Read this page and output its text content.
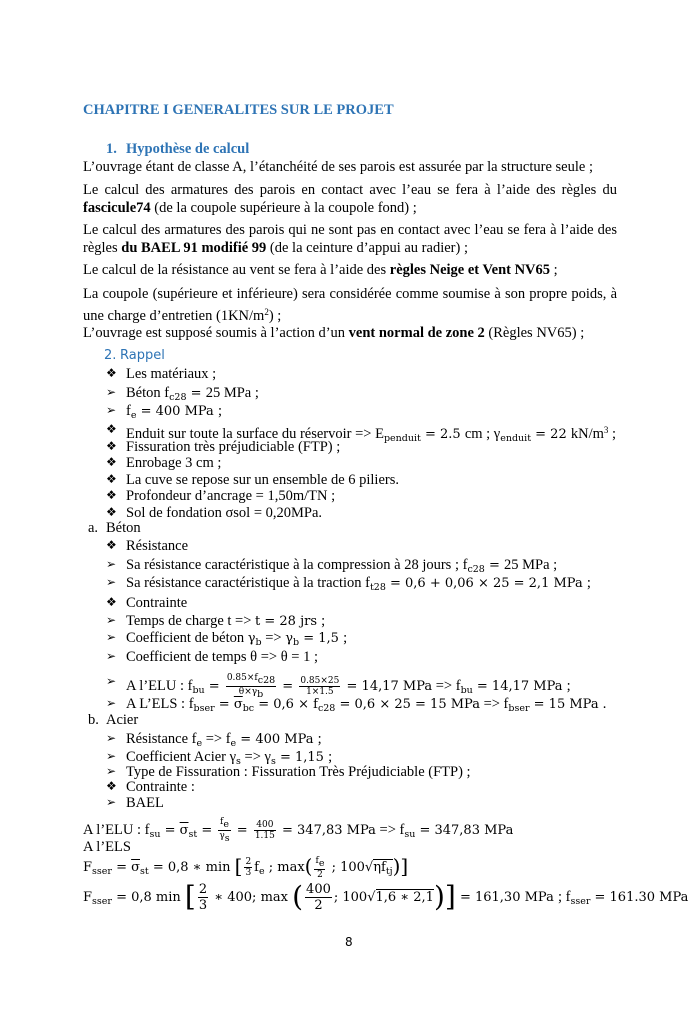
CHAPITRE I GENERALITES SUR LE PROJET
1. Hypothèse de calcul
L’ouvrage étant de classe A, l’étanchéité de ses parois est assurée par la structure seule ;
Le calcul des armatures des parois en contact avec l’eau se fera à l’aide des règles du fascicule74 (de la coupole supérieure à la coupole fond) ;
Le calcul des armatures des parois qui ne sont pas en contact avec l’eau se fera à l’aide des règles du BAEL 91 modifié 99 (de la ceinture d’appui au radier) ;
Le calcul de la résistance au vent se fera à l’aide des règles Neige et Vent NV65 ;
La coupole (supérieure et inférieure) sera considérée comme soumise à son propre poids, à une charge d’entretien $(1KN/m^2)$ ;
L’ouvrage est supposé soumis à l’action d’un vent normal de zone 2 (Règles NV65) ;
2. Rappel
❖ Les matériaux ;
➢ Béton $f_{c28} = 25$ MPa ;
➢ $f_e = 400$ MPa ;
❖ Enduit sur toute la surface du réservoir => $E_{penduit} = 2.5$ cm ; $\gamma_{enduit} = 22$ $kN/m^3$ ;
❖ Fissuration très préjudiciable (FTP) ;
❖ Enrobage 3 cm ;
❖ La cuve se repose sur un ensemble de 6 piliers.
❖ Profondeur d’ancrage = 1,50m/TN ;
❖ Sol de fondation σsol = 0,20MPa.
a. Béton
❖ Résistance
➢ Sa résistance caractéristique à la compression à 28 jours ; $f_{c28} = 25$ MPa ;
➢ Sa résistance caractéristique à la traction $f_{t28} = 0,6 + 0,06 \times 25 = 2,1$ MPa ;
❖ Contrainte
➢ Temps de charge t => t = 28 jrs ;
➢ Coefficient de béton $\gamma_b => \gamma_b = 1,5$ ;
➢ Coefficient de temps θ => θ = 1 ;
➢ A l’ELU : $f_{bu} = \frac{0.85\times fc28}{\theta\times\gamma b} = \frac{0.85\times 25}{1\times 1.5} = 14,17$ MPa => $f_{bu} = 14,17$ MPa ;
➢ A L’ELS : $f_{bser} = \overline{\sigma}_{bc} = 0,6 \times f_{c28} = 0,6 \times 25 = 15$ MPa => $f_{bser} = 15$ MPa .
b. Acier
➢ Résistance $f_e => f_e = 400$ MPa ;
➢ Coefficient Acier $\gamma_s => \gamma_s = 1,15$ ;
➢ Type de Fissuration : Fissuration Très Préjudiciable (FTP) ;
❖ Contrainte :
➢ BAEL
A l’ELU : $f_{su} = \overline{\sigma}_{st} = \frac{fe}{\gamma s} = \frac{400}{1.15} = 347,83$ MPa => $f_{su} = 347,83$ MPa
A l’ELS
$F_{sser} = \overline{\sigma}_{st} = 0,8$ ∗ min [ $\frac{2}{3} f_e$ ; $\max( \frac{fe}{2}$ ; $100√\eta f_{tj}$)]
$F_{sser} = 0,8$ min [ $\frac{2}{3}$ ∗ 400; max ( $\frac{400}{2}$ ; 100√1,6 ∗ 2,1)] = 161,30 MPa ; $f_{sser} = 161.30$ MPa
8
